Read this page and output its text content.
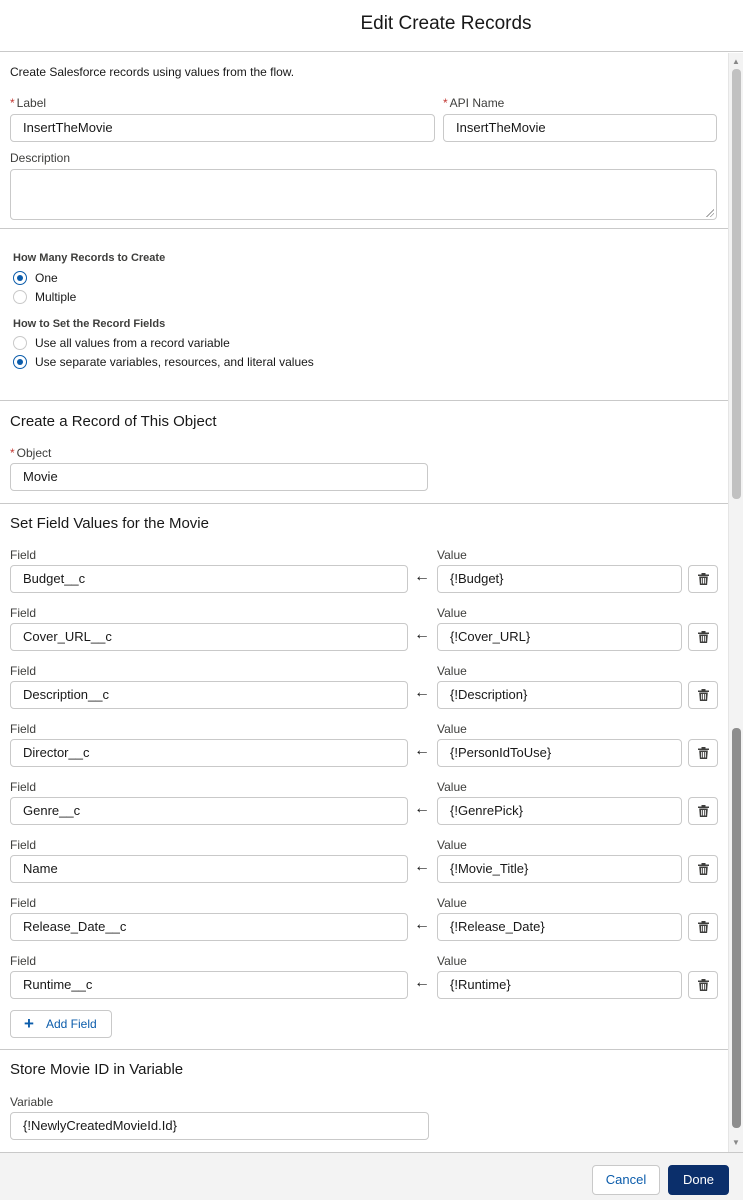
Edit Create Records
Create Salesforce records using values from the flow.
* Label
InsertTheMovie
* API Name
InsertTheMovie
Description
How Many Records to Create
One
Multiple
How to Set the Record Fields
Use all values from a record variable
Use separate variables, resources, and literal values
Create a Record of This Object
* Object
Movie
Set Field Values for the Movie
Field	Value
Budget__c	←	{!Budget}
Field	Value
Cover_URL__c	←	{!Cover_URL}
Field	Value
Description__c	←	{!Description}
Field	Value
Director__c	←	{!PersonIdToUse}
Field	Value
Genre__c	←	{!GenrePick}
Field	Value
Name	←	{!Movie_Title}
Field	Value
Release_Date__c	←	{!Release_Date}
Field	Value
Runtime__c	←	{!Runtime}
+ Add Field
Store Movie ID in Variable
Variable
{!NewlyCreatedMovieId.Id}
▲
▼
Cancel	Done
